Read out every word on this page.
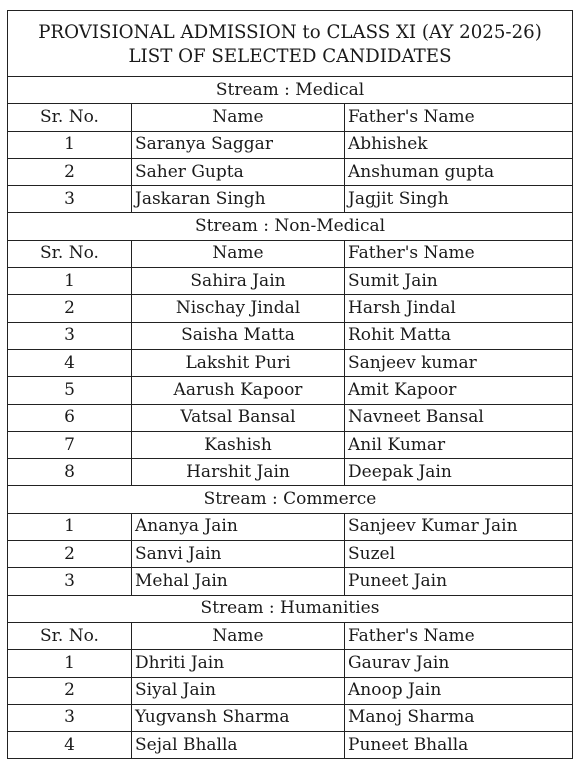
PROVISIONAL ADMISSION to CLASS XI (AY 2025-26)
LIST OF SELECTED CANDIDATES		

Stream : Medical		
Sr. No.	Name	Father's Name
1	Saranya Saggar	Abhishek
2	Saher Gupta	Anshuman gupta
3	Jaskaran Singh	Jagjit Singh
Stream : Non-Medical		
Sr. No.	Name	Father's Name
1	Sahira Jain	Sumit Jain
2	Nischay Jindal	Harsh Jindal
3	Saisha Matta	Rohit Matta
4	Lakshit Puri	Sanjeev kumar
5	Aarush Kapoor	Amit Kapoor
6	Vatsal Bansal	Navneet Bansal
7	Kashish	Anil Kumar
8	Harshit Jain	Deepak Jain
Stream : Commerce		
1	Ananya Jain	Sanjeev Kumar Jain
2	Sanvi Jain	Suzel
3	Mehal Jain	Puneet Jain
Stream : Humanities		
Sr. No.	Name	Father's Name
1	Dhriti Jain	Gaurav Jain
2	Siyal Jain	Anoop Jain
3	Yugvansh Sharma	Manoj Sharma
4	Sejal Bhalla	Puneet Bhalla
